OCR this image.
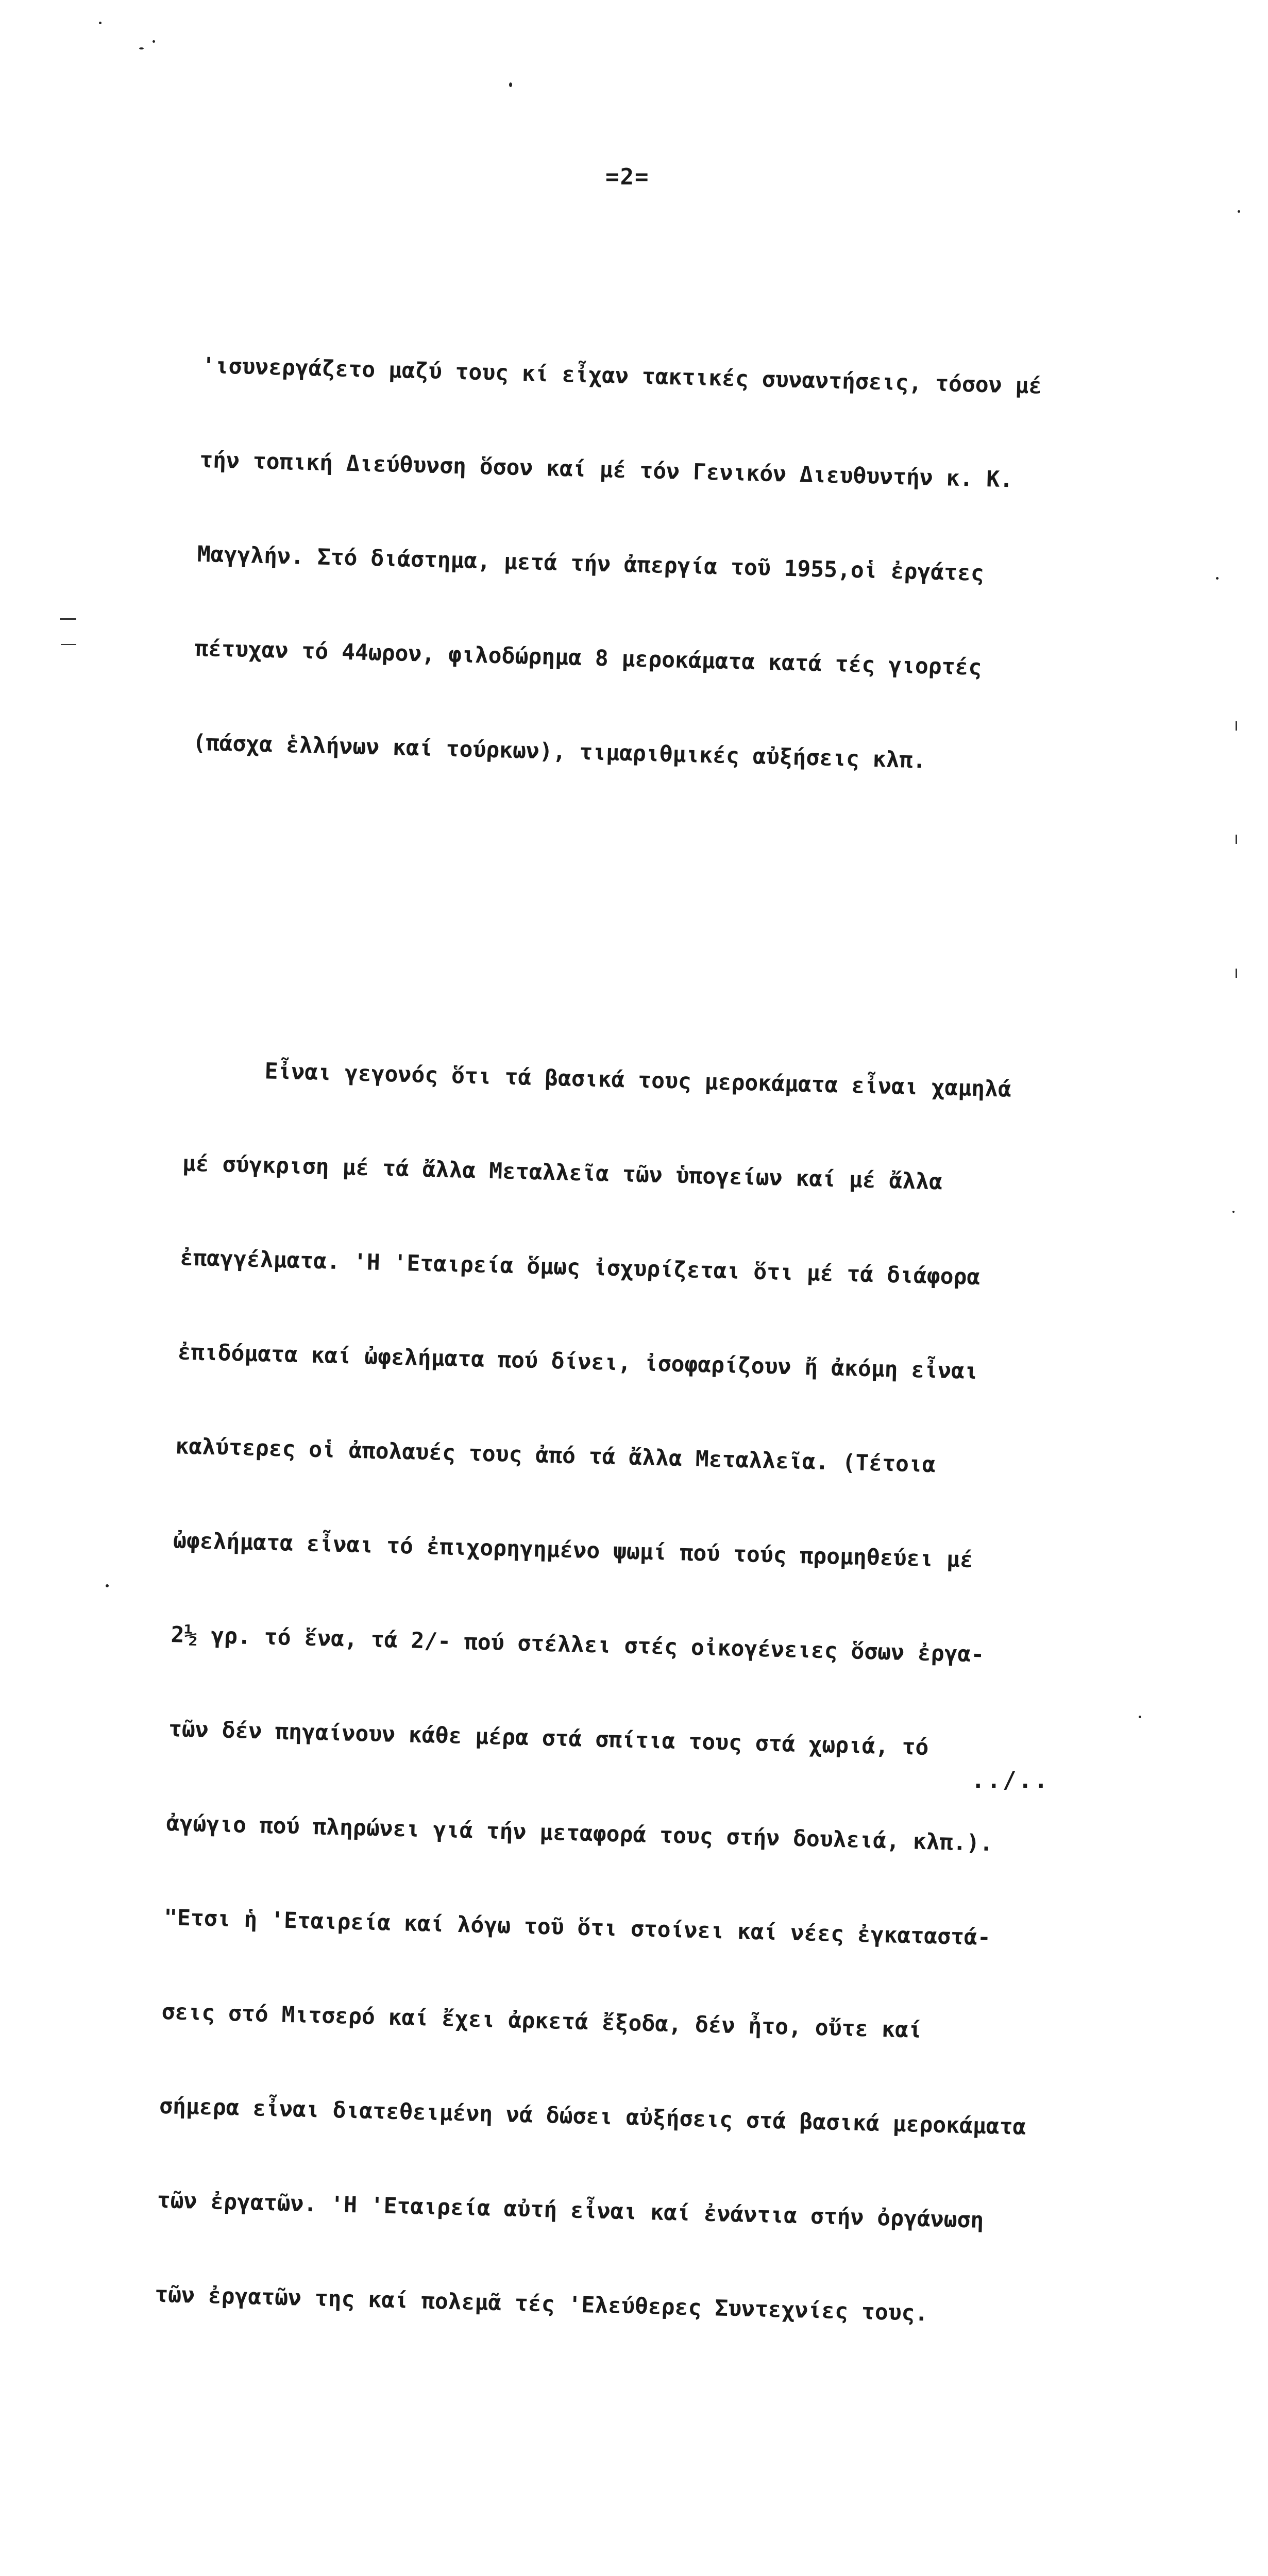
=2=

'ισυνεργάζετο μαζύ τους κί εἶχαν τακτικές συναντήσεις, τόσον μέ

τήν τοπική Διεύθυνση ὅσον καί μέ τόν Γενικόν Διευθυντήν κ. Κ.

Μαγγλήν. Στό διάστημα, μετά τήν ἀπεργία τοῦ 1955,οἱ ἐργάτες

πέτυχαν τό 44ωρον, φιλοδώρημα 8 μεροκάματα κατά τές γιορτές

(πάσχα ἑλλήνων καί τούρκων), τιμαριθμικές αὐξήσεις κλπ.

Εἶναι γεγονός ὅτι τά βασικά τους μεροκάματα εἶναι χαμηλά

μέ σύγκριση μέ τά ἄλλα Μεταλλεῖα τῶν ὑπογείων καί μέ ἄλλα

ἐπαγγέλματα. 'Η 'Εταιρεία ὅμως ἰσχυρίζεται ὅτι μέ τά διάφορα

ἐπιδόματα καί ὠφελήματα πού δίνει, ἰσοφαρίζουν ἤ ἀκόμη εἶναι

καλύτερες οἱ ἀπολαυές τους ἀπό τά ἄλλα Μεταλλεῖα. (Τέτοια

ὠφελήματα εἶναι τό ἐπιχορηγημένο ψωμί πού τούς προμηθεύει μέ

2½ γρ. τό ἕνα, τά 2/- πού στέλλει στές οἰκογένειες ὅσων ἐργα-

τῶν δέν πηγαίνουν κάθε μέρα στά σπίτια τους στά χωριά, τό

ἀγώγιο πού πληρώνει γιά τήν μεταφορά τους στήν δουλειά, κλπ.).

"Ετσι ἡ 'Εταιρεία καί λόγω τοῦ ὅτι στοίνει καί νέες ἐγκαταστά-

σεις στό Μιτσερό καί ἔχει ἀρκετά ἔξοδα, δέν ἦτο, οὔτε καί

σήμερα εἶναι διατεθειμένη νά δώσει αὐξήσεις στά βασικά μεροκάματα

τῶν ἐργατῶν. 'Η 'Εταιρεία αὐτή εἶναι καί ἐνάντια στήν ὀργάνωση

τῶν ἐργατῶν της καί πολεμᾶ τές 'Ελεύθερες Συντεχνίες τους.

../..
